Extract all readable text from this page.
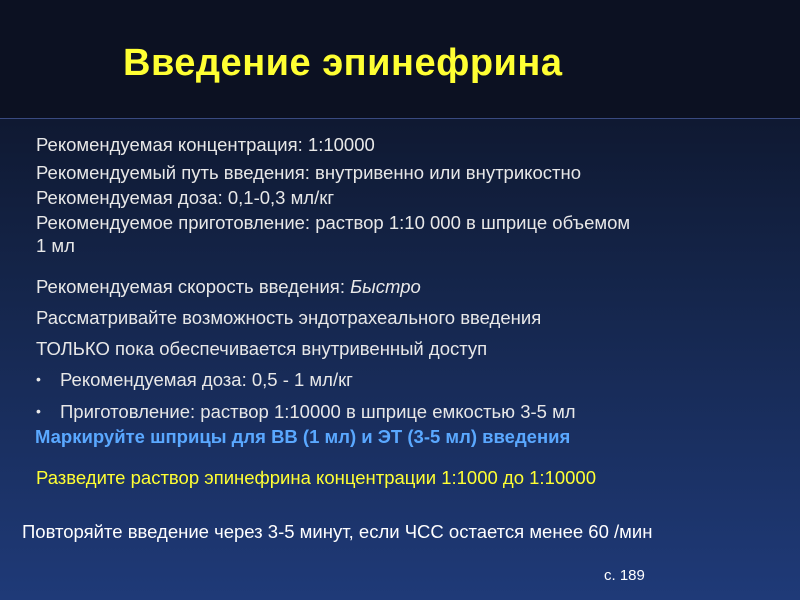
Введение эпинефрина
Рекомендуемая концентрация: 1:10000
Рекомендуемый путь введения: внутривенно или внутрикостно
Рекомендуемая доза: 0,1-0,3 мл/кг
Рекомендуемое приготовление: раствор 1:10 000 в шприце объемом
1 мл
Рекомендуемая скорость введения: Быстро
Рассматривайте возможность эндотрахеального введения
ТОЛЬКО пока обеспечивается внутривенный доступ
• Рекомендуемая доза: 0,5 - 1 мл/кг
• Приготовление: раствор 1:10000 в шприце емкостью 3-5 мл
Маркируйте шприцы для ВВ (1 мл) и ЭТ (3-5 мл) введения
Разведите раствор эпинефрина концентрации 1:1000 до 1:10000
Повторяйте введение через 3-5 минут, если ЧСС остается менее 60 /мин
с. 189
